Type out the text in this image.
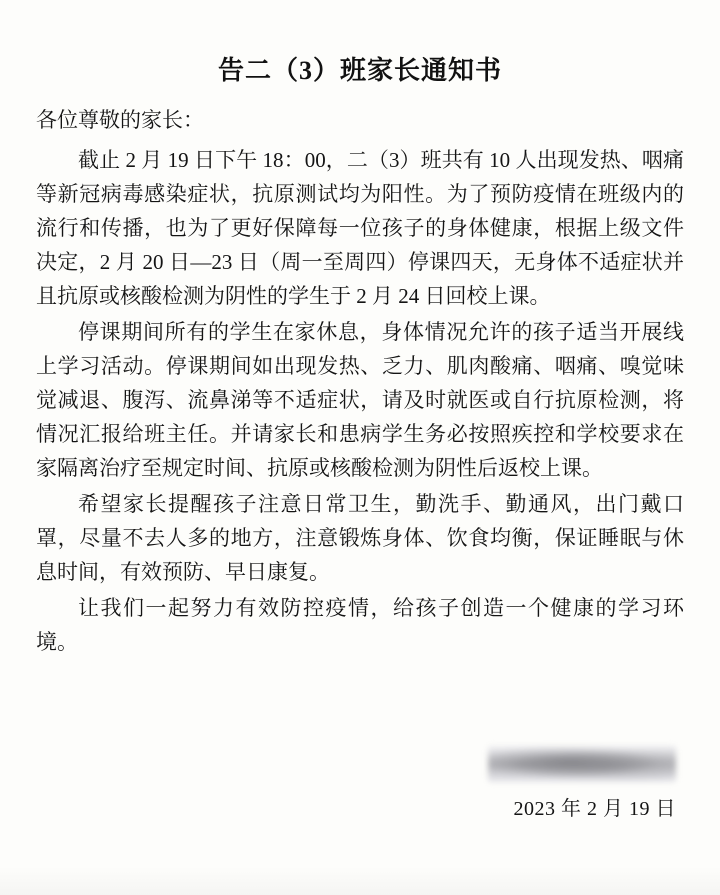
告二（3）班家长通知书

各位尊敬的家长：

截止 2 月 19 日下午 18：00，二（3）班共有 10 人出现发热、咽痛等新冠病毒感染症状，抗原测试均为阳性。为了预防疫情在班级内的流行和传播，也为了更好保障每一位孩子的身体健康，根据上级文件决定，2 月 20 日—23 日（周一至周四）停课四天，无身体不适症状并且抗原或核酸检测为阴性的学生于 2 月 24 日回校上课。

停课期间所有的学生在家休息，身体情况允许的孩子适当开展线上学习活动。停课期间如出现发热、乏力、肌肉酸痛、咽痛、嗅觉味觉减退、腹泻、流鼻涕等不适症状，请及时就医或自行抗原检测，将情况汇报给班主任。并请家长和患病学生务必按照疾控和学校要求在家隔离治疗至规定时间、抗原或核酸检测为阴性后返校上课。

希望家长提醒孩子注意日常卫生，勤洗手、勤通风，出门戴口罩，尽量不去人多的地方，注意锻炼身体、饮食均衡，保证睡眠与休息时间，有效预防、早日康复。

让我们一起努力有效防控疫情，给孩子创造一个健康的学习环境。

2023 年 2 月 19 日
